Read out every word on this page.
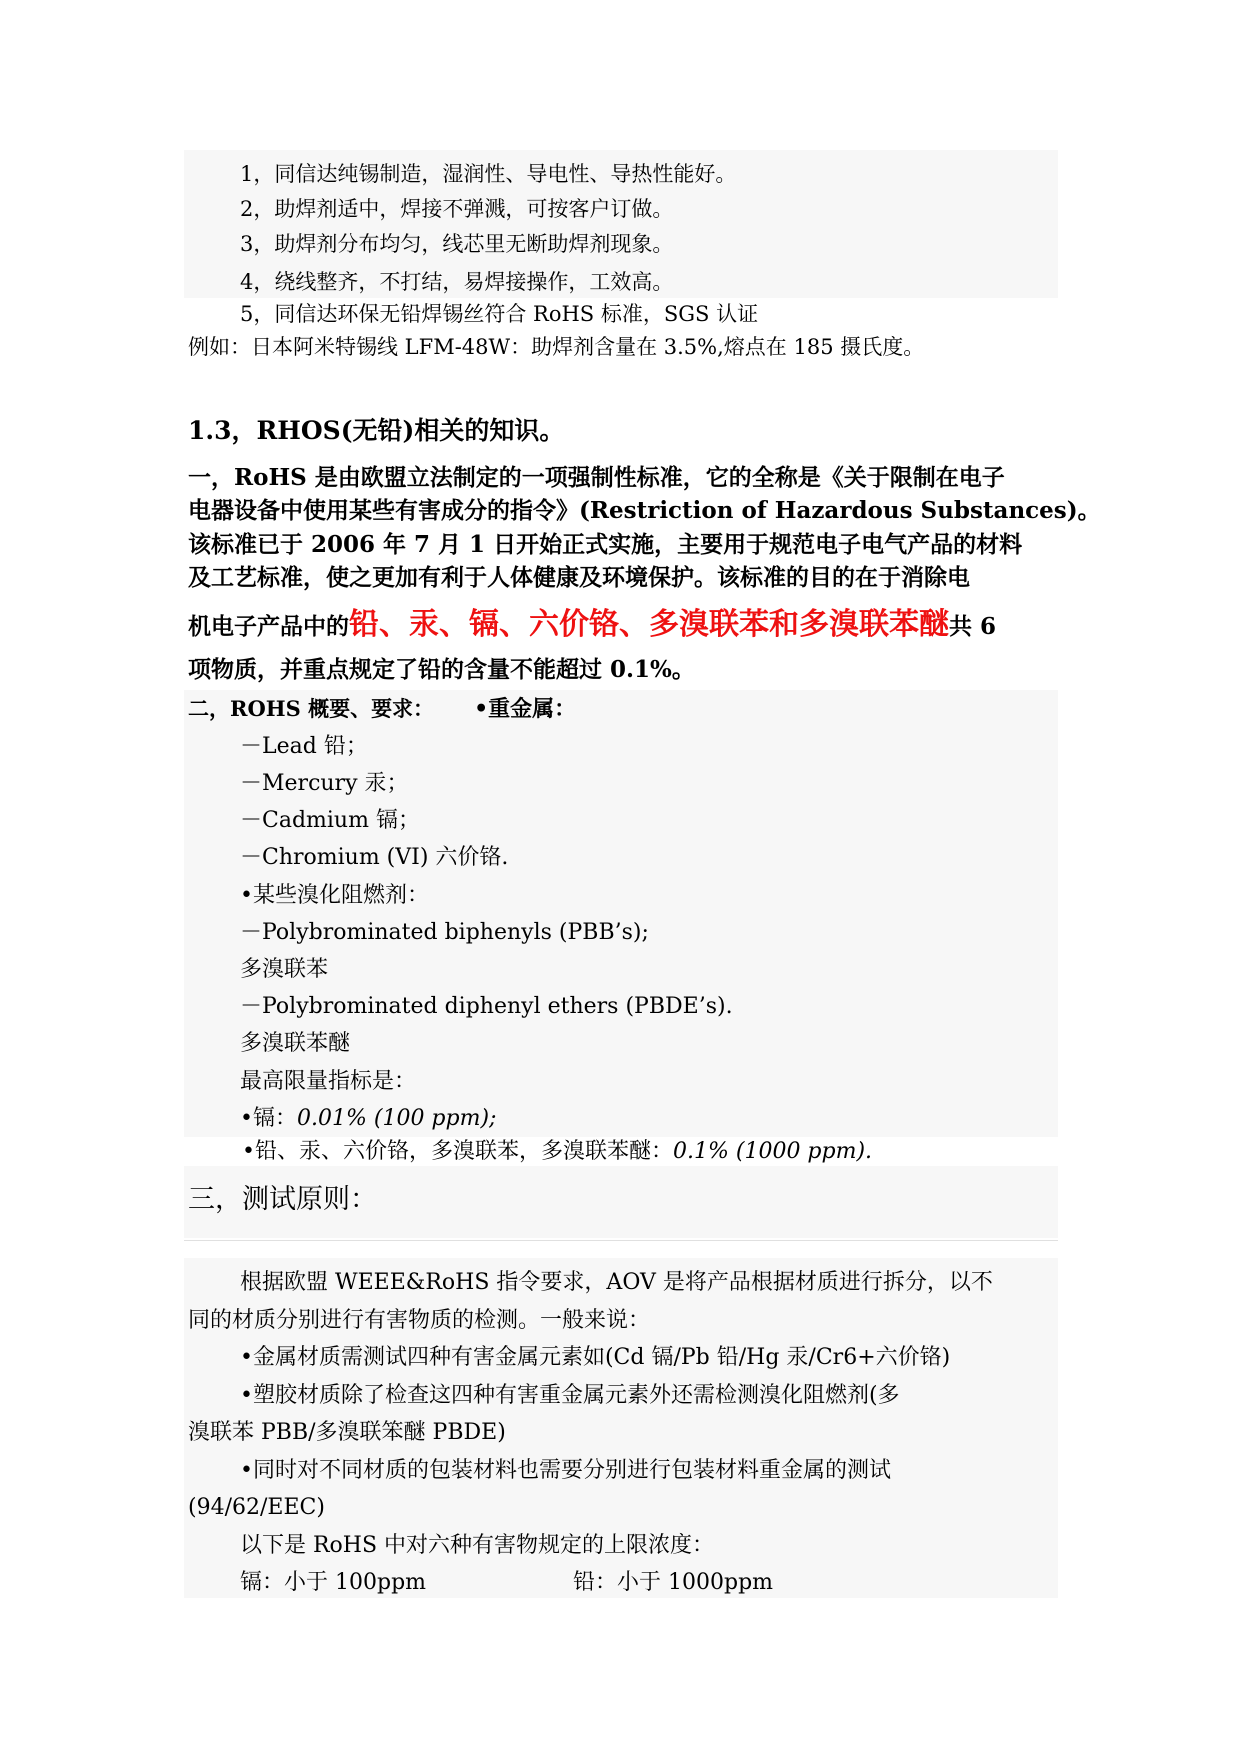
1，同信达纯锡制造，湿润性、导电性、导热性能好。
2，助焊剂适中，焊接不弹溅，可按客户订做。
3，助焊剂分布均匀，线芯里无断助焊剂现象。
4，绕线整齐，不打结，易焊接操作，工效高。
5，同信达环保无铅焊锡丝符合 RoHS 标准，SGS 认证
例如：日本阿米特锡线 LFM-48W：助焊剂含量在 3.5%,熔点在 185 摄氏度。
1.3，RHOS(无铅)相关的知识。
一，RoHS 是由欧盟立法制定的一项强制性标准，它的全称是《关于限制在电子
电器设备中使用某些有害成分的指令》(Restriction of Hazardous Substances)。
该标准已于 2006 年 7 月 1 日开始正式实施，主要用于规范电子电气产品的材料
及工艺标准，使之更加有利于人体健康及环境保护。该标准的目的在于消除电
机电子产品中的铅、汞、镉、六价铬、多溴联苯和多溴联苯醚共 6
项物质，并重点规定了铅的含量不能超过 0.1%。
二，ROHS 概要、要求： •重金属：
－Lead 铅；
－Mercury 汞；
－Cadmium 镉；
－Chromium (VI) 六价铬.
•某些溴化阻燃剂：
－Polybrominated biphenyls (PBB’s);
多溴联苯
－Polybrominated diphenyl ethers (PBDE’s).
多溴联苯醚
最高限量指标是：
•镉：0.01% (100 ppm);
•铅、汞、六价铬，多溴联苯，多溴联苯醚：0.1% (1000 ppm).
三，测试原则：
根据欧盟 WEEE&RoHS 指令要求，AOV 是将产品根据材质进行拆分，以不
同的材质分别进行有害物质的检测。一般来说：
•金属材质需测试四种有害金属元素如(Cd 镉/Pb 铅/Hg 汞/Cr6+六价铬)
•塑胶材质除了检查这四种有害重金属元素外还需检测溴化阻燃剂(多
溴联苯 PBB/多溴联笨醚 PBDE)
•同时对不同材质的包装材料也需要分别进行包装材料重金属的测试
(94/62/EEC)
以下是 RoHS 中对六种有害物规定的上限浓度：
镉：小于 100ppm	铅：小于 1000ppm
